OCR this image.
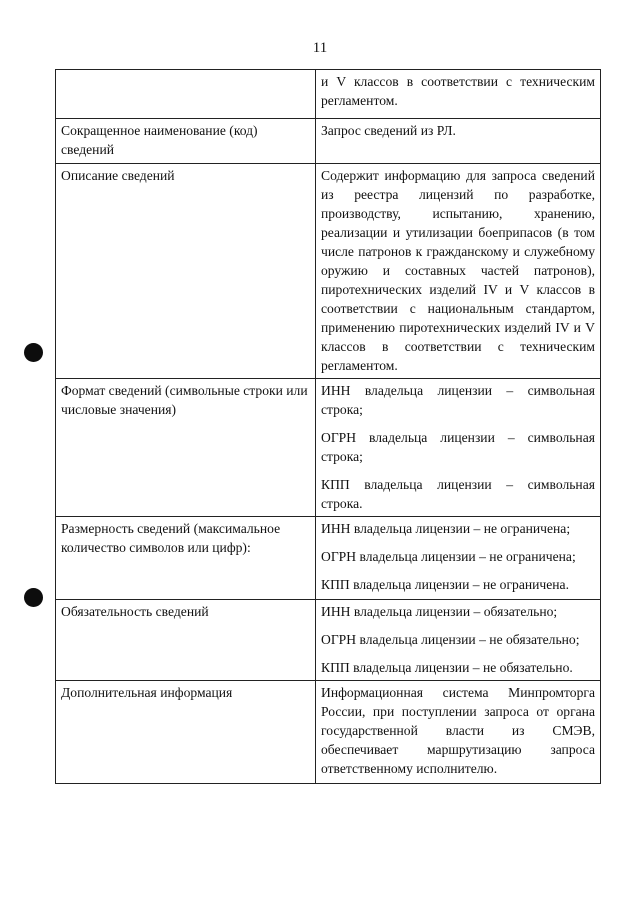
11

	и V классов в соответствии с техническим регламентом.

Сокращенное наименование (код) сведений	Запрос сведений из РЛ.

Описание сведений	Содержит информацию для запроса сведений из реестра лицензий по разработке, производству, испытанию, хранению, реализации и утилизации боеприпасов (в том числе патронов к гражданскому и служебному оружию и составных частей патронов), пиротехнических изделий IV и V классов в соответствии с национальным стандартом, применению пиротехнических изделий IV и V классов в соответствии с техническим регламентом.

Формат сведений (символьные строки или числовые значения)	ИНН владельца лицензии – символьная строка;

ОГРН владельца лицензии – символьная строка;

КПП владельца лицензии – символьная строка.

Размерность сведений (максимальное количество символов или цифр):	ИНН владельца лицензии – не ограничена;

ОГРН владельца лицензии – не ограничена;

КПП владельца лицензии – не ограничена.

Обязательность сведений	ИНН владельца лицензии – обязательно;

ОГРН владельца лицензии – не обязательно;

КПП владельца лицензии – не обязательно.

Дополнительная информация	Информационная система Минпромторга России, при поступлении запроса от органа государственной власти из СМЭВ, обеспечивает маршрутизацию запроса ответственному исполнителю.
